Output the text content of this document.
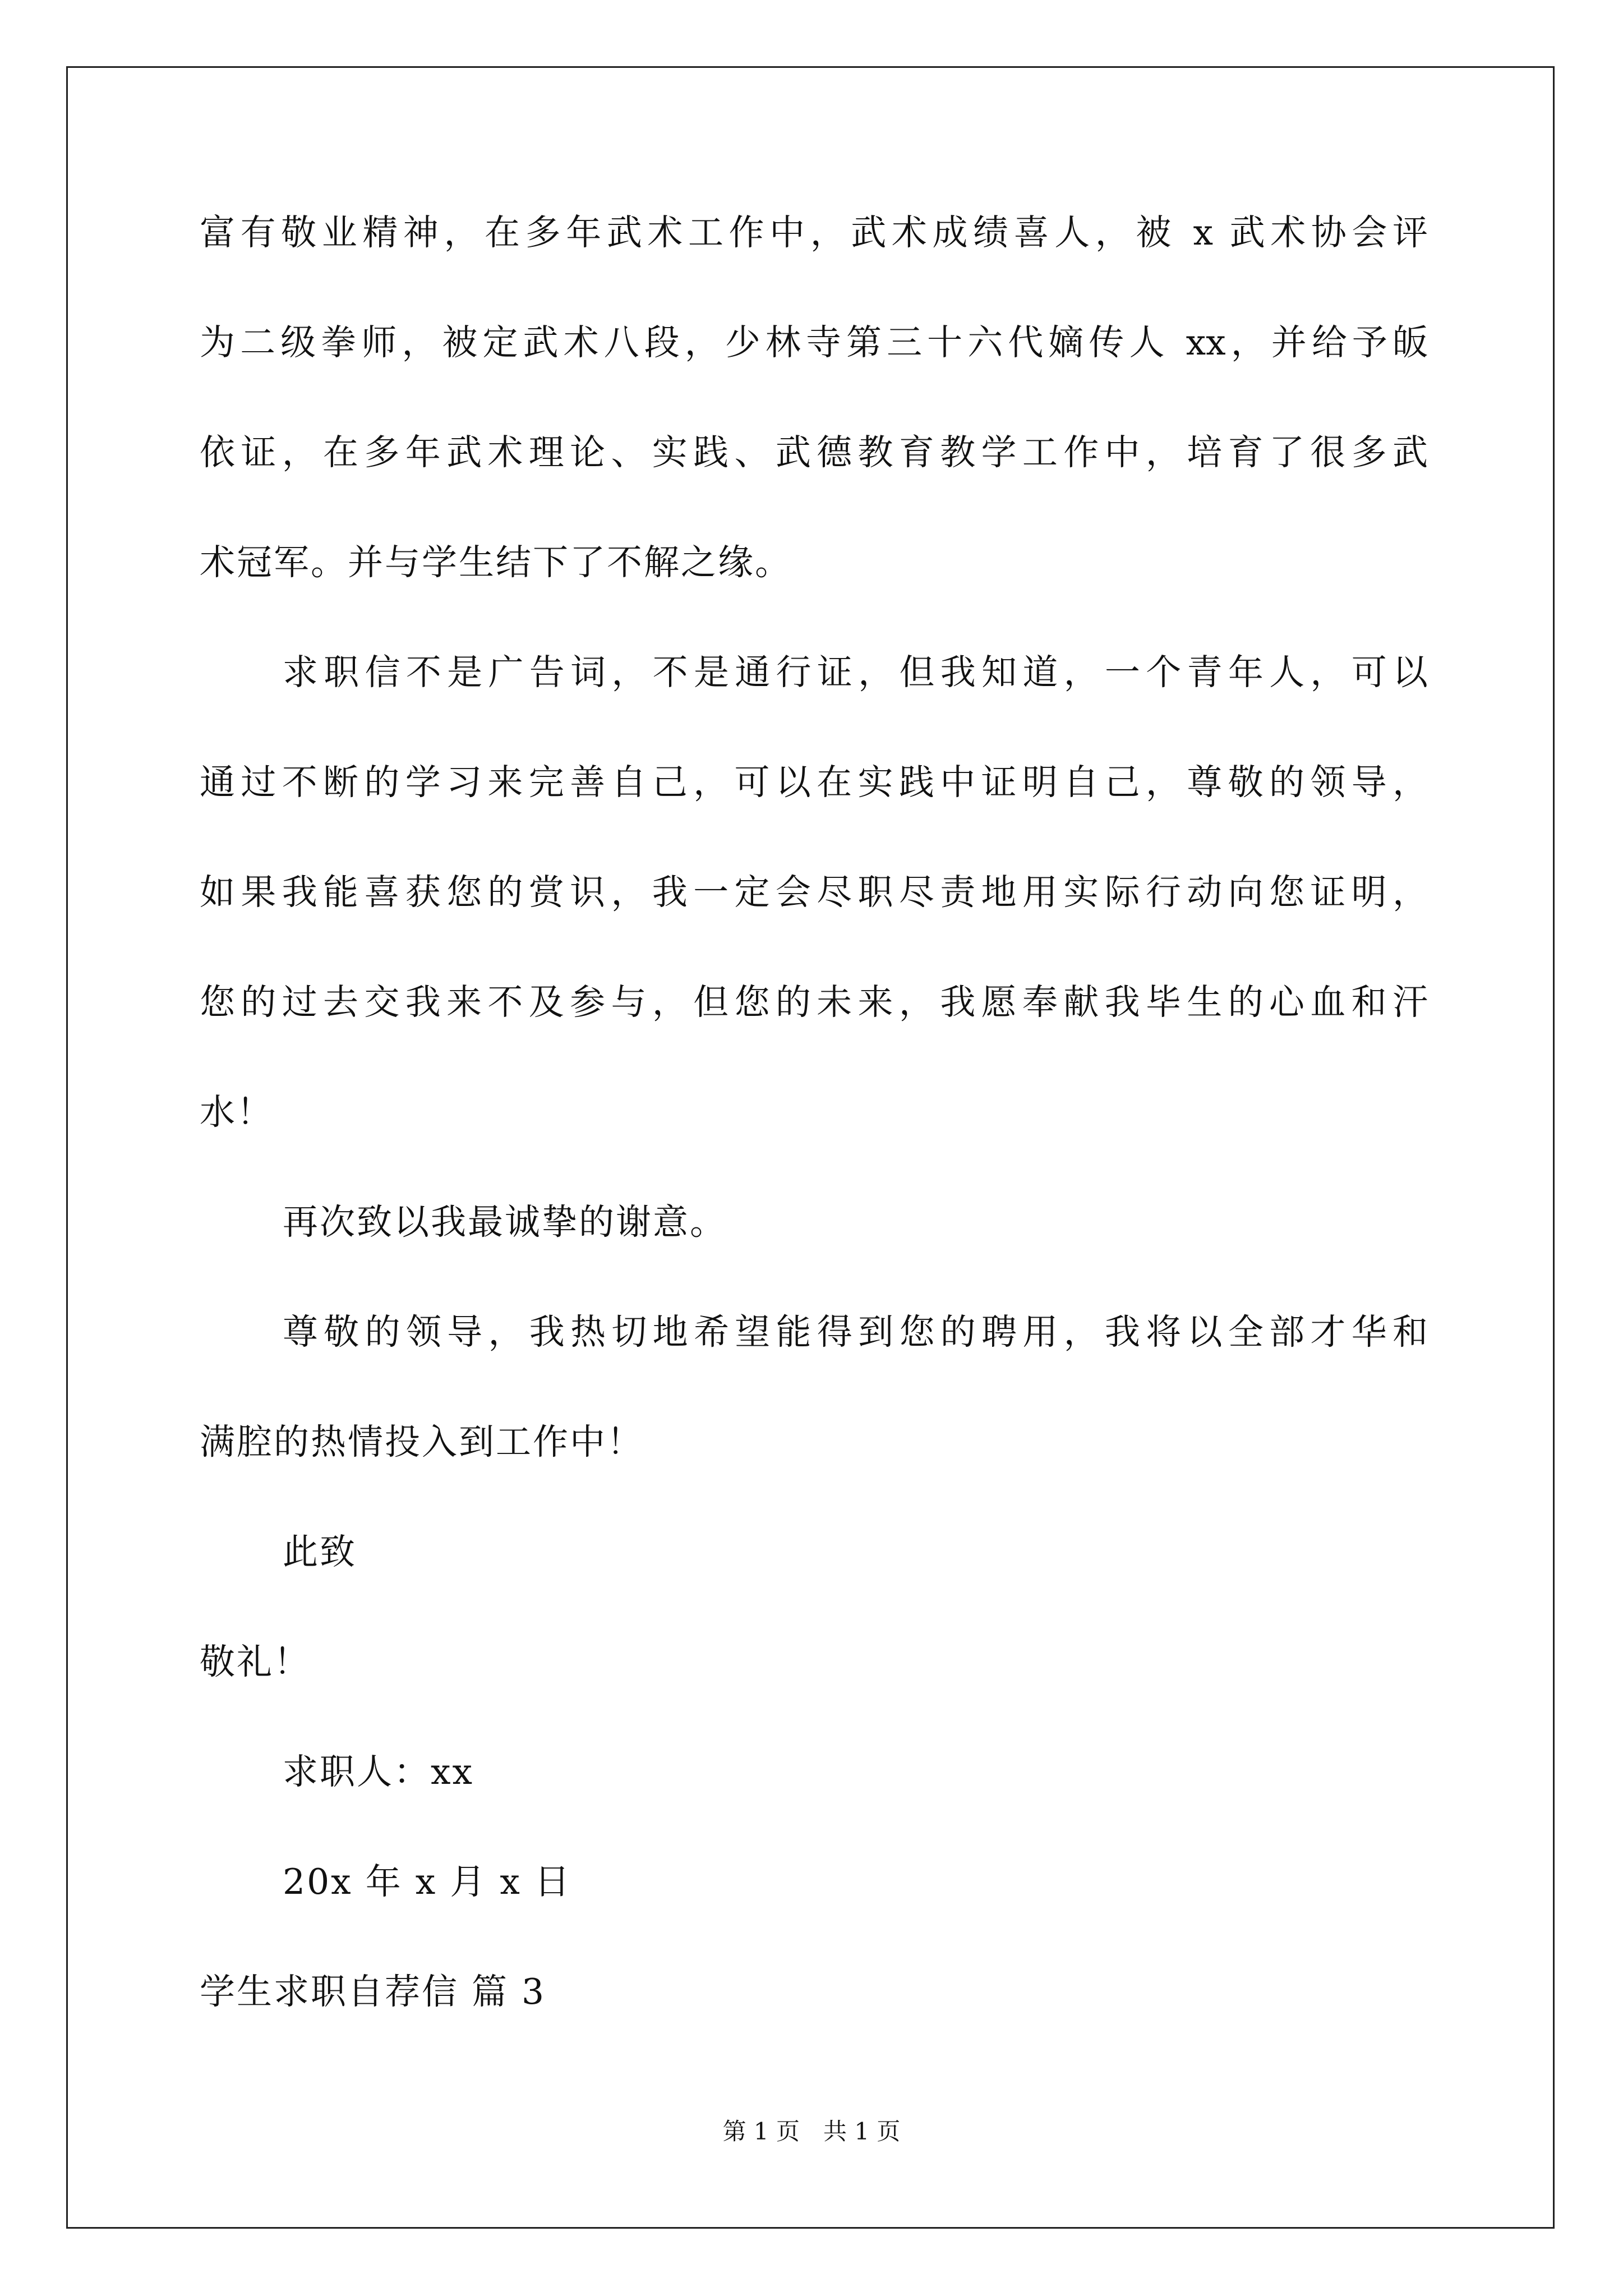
富有敬业精神，在多年武术工作中，武术成绩喜人，被 x 武术协会评
为二级拳师，被定武术八段，少林寺第三十六代嫡传人 xx，并给予皈
依证，在多年武术理论、实践、武德教育教学工作中，培育了很多武
术冠军。并与学生结下了不解之缘。
求职信不是广告词，不是通行证，但我知道，一个青年人，可以
通过不断的学习来完善自己，可以在实践中证明自己，尊敬的领导，
如果我能喜获您的赏识，我一定会尽职尽责地用实际行动向您证明，
您的过去交我来不及参与，但您的未来，我愿奉献我毕生的心血和汗
水！
再次致以我最诚挚的谢意。
尊敬的领导，我热切地希望能得到您的聘用，我将以全部才华和
满腔的热情投入到工作中！
此致
敬礼！
求职人：xx
20x 年 x 月 x 日
学生求职自荐信 篇 3
第 1 页　共 1 页
